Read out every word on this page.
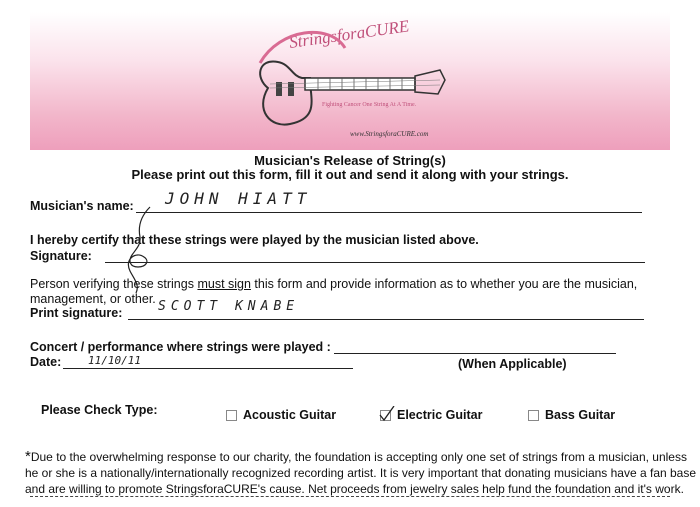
StringsforaCURE
Fighting Cancer One String At A Time.
www.StringsforaCURE.com
Musician's Release of String(s)
Please print out this form, fill it out and send it along with your strings.
Musician's name: JOHN HIATT
I hereby certify that these strings were played by the musician listed above.
Signature:
Person verifying these strings must sign this form and provide information as to whether you are the musician,
management, or other.
Print signature:	SCOTT KNABE
Concert / performance where strings were played :
Date: 11/10/11	(When Applicable)
Please Check Type:	Acoustic Guitar	Electric Guitar	Bass Guitar
*Due to the overwhelming response to our charity, the foundation is accepting only one set of strings from a musician, unless
he or she is a nationally/internationally recognized recording artist. It is very important that donating musicians have a fan base
and are willing to promote StringsforaCURE's cause. Net proceeds from jewelry sales help fund the foundation and it's work.
